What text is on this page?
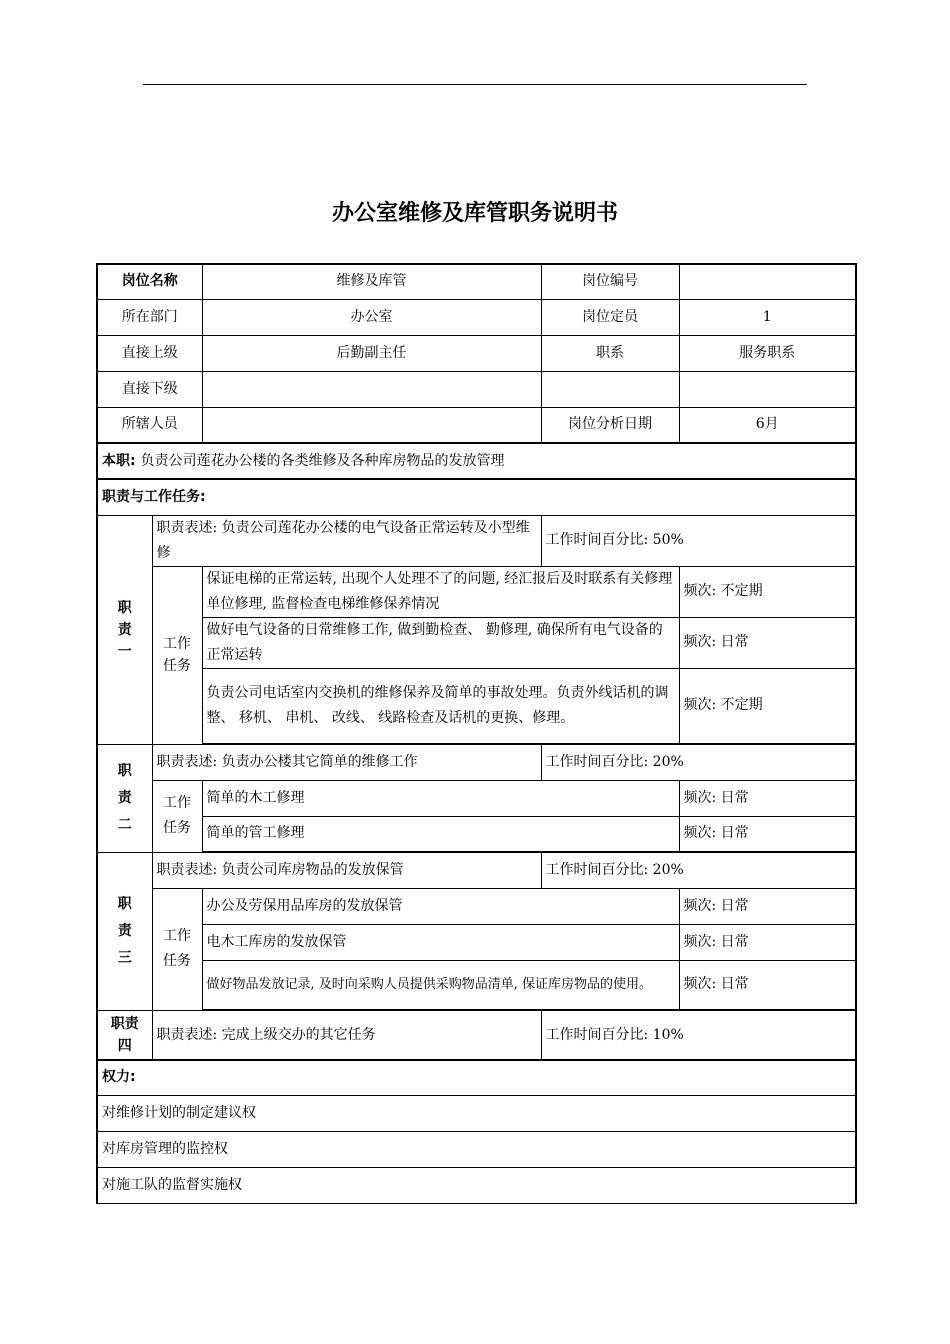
办公室维修及库管职务说明书
岗位名称		维修及库管	岗位编号	
所在部门		办公室	岗位定员	1
直接上级		后勤副主任	职系	服务职系
直接下级				
所辖人员			岗位分析日期	6月
本职: 负责公司莲花办公楼的各类维修及各种库房物品的发放管理				
职责与工作任务:				
职责一	职责表述: 负责公司莲花办公楼的电气设备正常运转及小型维修		工作时间百分比: 50%	
	工作任务	保证电梯的正常运转, 出现个人处理不了的问题, 经汇报后及时联系有关修理单位修理, 监督检查电梯维修保养情况		频次: 不定期
		做好电气设备的日常维修工作, 做到勤检查、 勤修理, 确保所有电气设备的正常运转		频次: 日常
		负责公司电话室内交换机的维修保养及简单的事故处理。负责外线话机的调整、 移机、 串机、 改线、 线路检查及话机的更换、修理。		频次: 不定期
职责二	职责表述: 负责办公楼其它简单的维修工作		工作时间百分比: 20%	
	工作任务	简单的木工修理		频次: 日常
		简单的管工修理		频次: 日常
职责三	职责表述: 负责公司库房物品的发放保管		工作时间百分比: 20%	
	工作任务	办公及劳保用品库房的发放保管		频次: 日常
		电木工库房的发放保管		频次: 日常
		做好物品发放记录, 及时向采购人员提供采购物品清单, 保证库房物品的使用。		频次: 日常
职责四	职责表述: 完成上级交办的其它任务		工作时间百分比: 10%	
权力:				
对维修计划的制定建议权				
对库房管理的监控权				
对施工队的监督实施权				
